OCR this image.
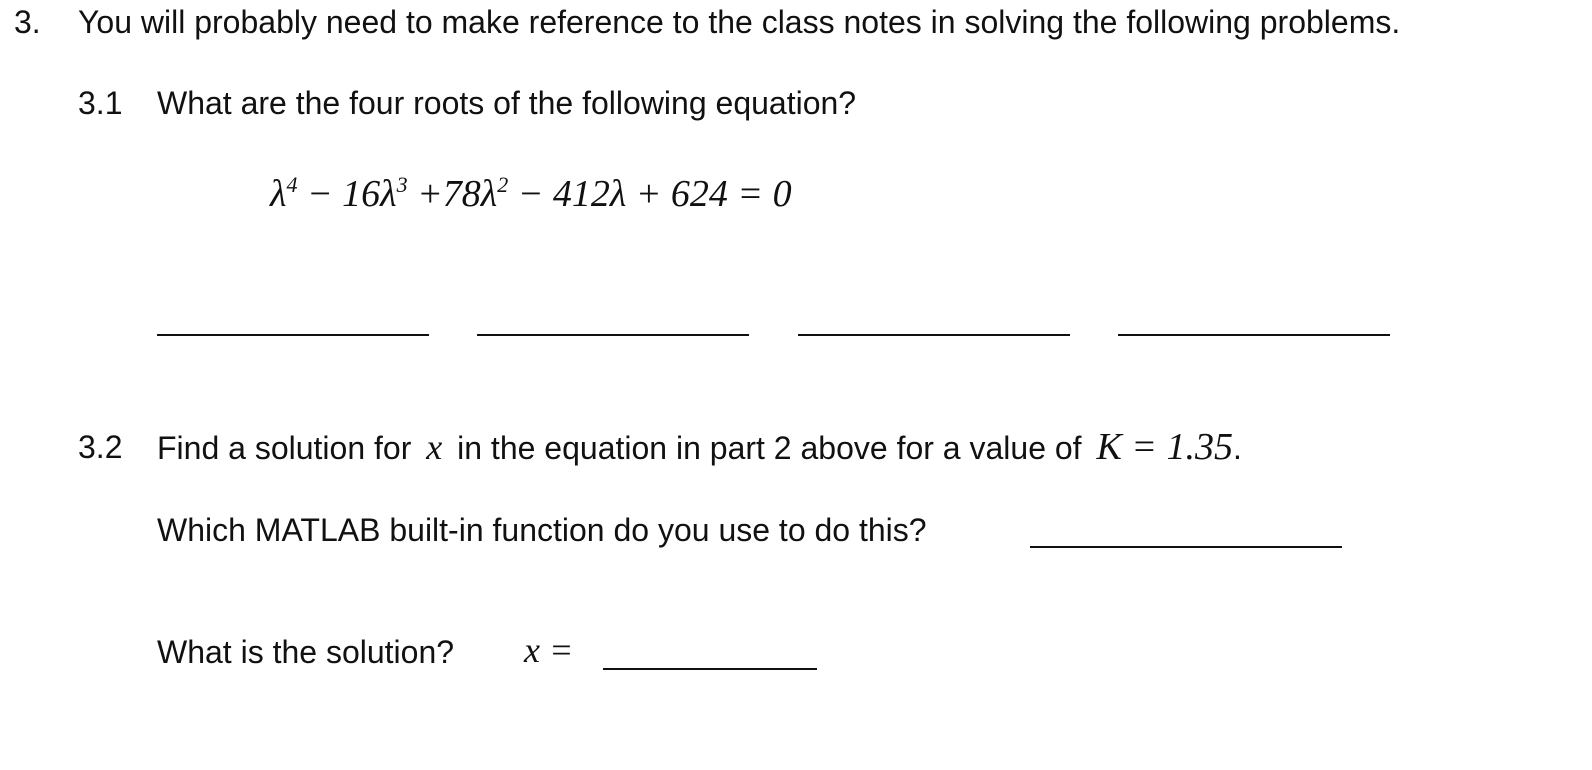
3. You will probably need to make reference to the class notes in solving the following problems.
3.1 What are the four roots of the following equation?
$\lambda^4 - 16\lambda^3 +78\lambda^2 - 412\lambda + 624 = 0$
3.2 Find a solution for x in the equation in part 2 above for a value of K = 1.35.
Which MATLAB built-in function do you use to do this?
What is the solution? x =
